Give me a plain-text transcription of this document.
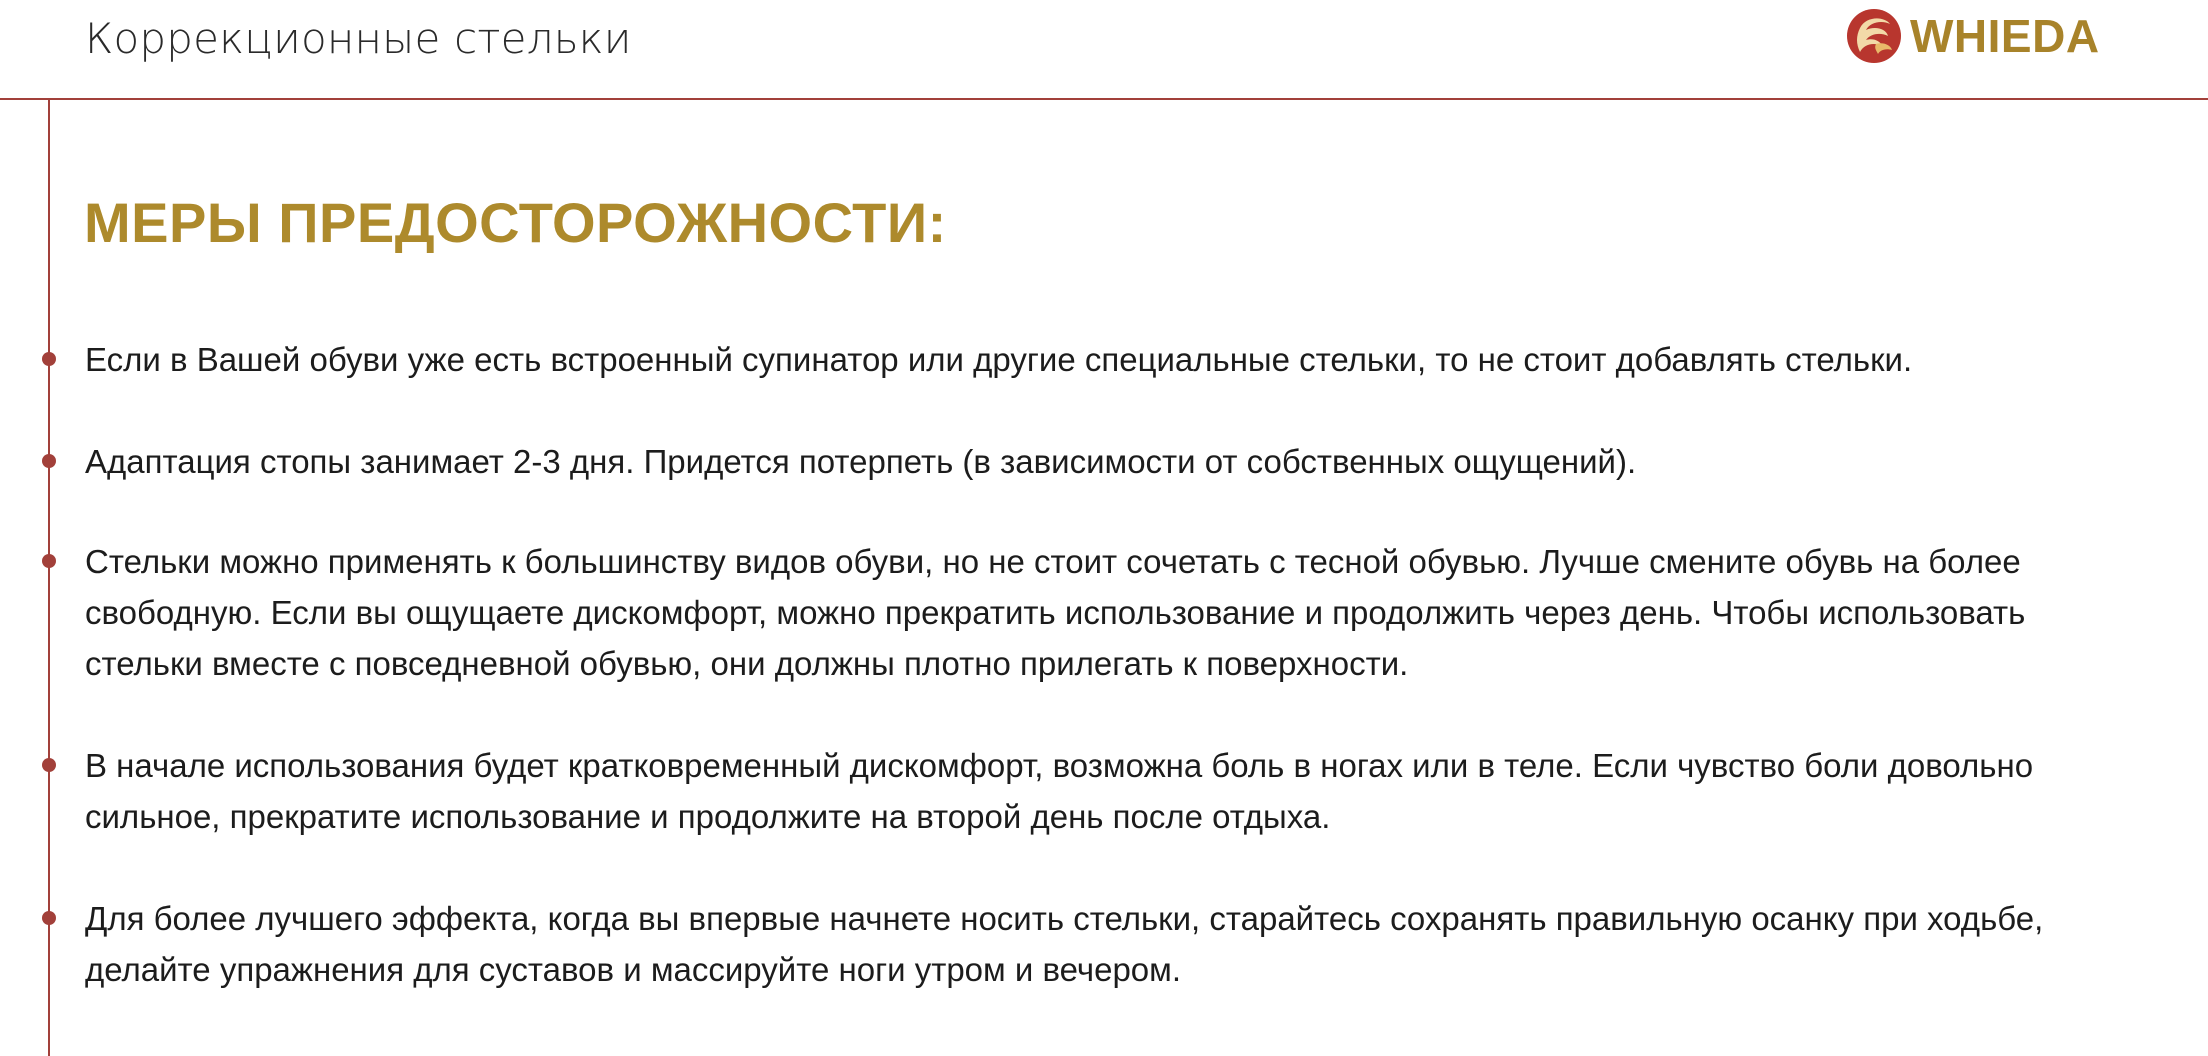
Коррекционные стельки	WHIEDA
МЕРЫ ПРЕДОСТОРОЖНОСТИ:
Если в Вашей обуви уже есть встроенный супинатор или другие специальные стельки, то не стоит добавлять стельки.
Адаптация стопы занимает 2-3 дня. Придется потерпеть (в зависимости от собственных ощущений).
Стельки можно применять к большинству видов обуви, но не стоит сочетать с тесной обувью. Лучше смените обувь на более свободную. Если вы ощущаете дискомфорт, можно прекратить использование и продолжить через день. Чтобы использовать стельки вместе с повседневной обувью, они должны плотно прилегать к поверхности.
В начале использования будет кратковременный дискомфорт, возможна боль в ногах или в теле. Если чувство боли довольно сильное, прекратите использование и продолжите на второй день после отдыха.
Для более лучшего эффекта, когда вы впервые начнете носить стельки, старайтесь сохранять правильную осанку при ходьбе, делайте упражнения для суставов и массируйте ноги утром и вечером.
